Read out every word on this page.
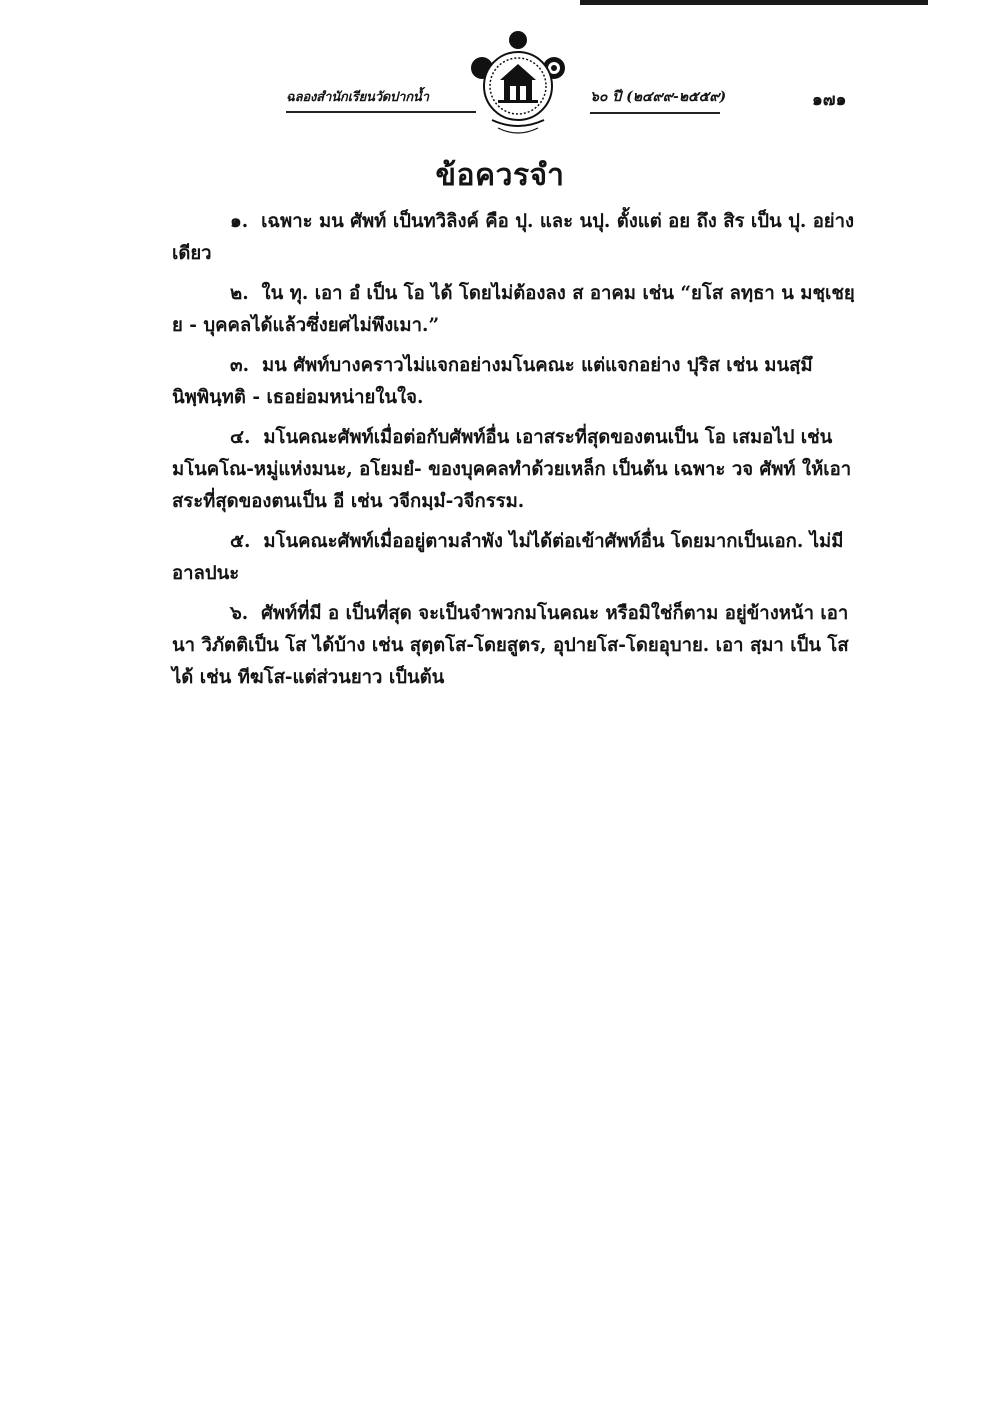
ฉลองสำนักเรียนวัดปากน้ำ	๖๐ ปี (๒๔๙๙-๒๕๕๙)	๑๗๑
ข้อควรจำ

๑. เฉพาะ มน ศัพท์ เป็นทวิลิงค์ คือ ปุ. และ นปุ. ตั้งแต่ อย ถึง สิร เป็น ปุ. อย่างเดียว

๒. ใน ทุ. เอา อํ เป็น โอ ได้ โดยไม่ต้องลง ส อาคม เช่น “ยโส ลทฺธา น มชฺเชยฺย - บุคคลได้แล้วซึ่งยศไม่พึงเมา.”

๓. มน ศัพท์บางคราวไม่แจกอย่างมโนคณะ แต่แจกอย่าง ปุริส เช่น มนสฺมึ นิพฺพินฺทติ - เธอย่อมหน่ายในใจ.

๔. มโนคณะศัพท์เมื่อต่อกับศัพท์อื่น เอาสระที่สุดของตนเป็น โอ เสมอไป เช่น มโนคโณ-หมู่แห่งมนะ, อโยมยํ- ของบุคคลทำด้วยเหล็ก เป็นต้น เฉพาะ วจ ศัพท์ ให้เอาสระที่สุดของตนเป็น อี เช่น วจีกมฺมํ-วจีกรรม.

๕. มโนคณะศัพท์เมื่ออยู่ตามลำพัง ไม่ได้ต่อเข้าศัพท์อื่น โดยมากเป็นเอก. ไม่มีอาลปนะ

๖. ศัพท์ที่มี อ เป็นที่สุด จะเป็นจำพวกมโนคณะ หรือมิใช่ก็ตาม อยู่ข้างหน้า เอา นา วิภัตติเป็น โส ได้บ้าง เช่น สุตฺตโส-โดยสูตร, อุปายโส-โดยอุบาย. เอา สฺมา เป็น โส ได้ เช่น ทีฆโส-แต่ส่วนยาว เป็นต้น
